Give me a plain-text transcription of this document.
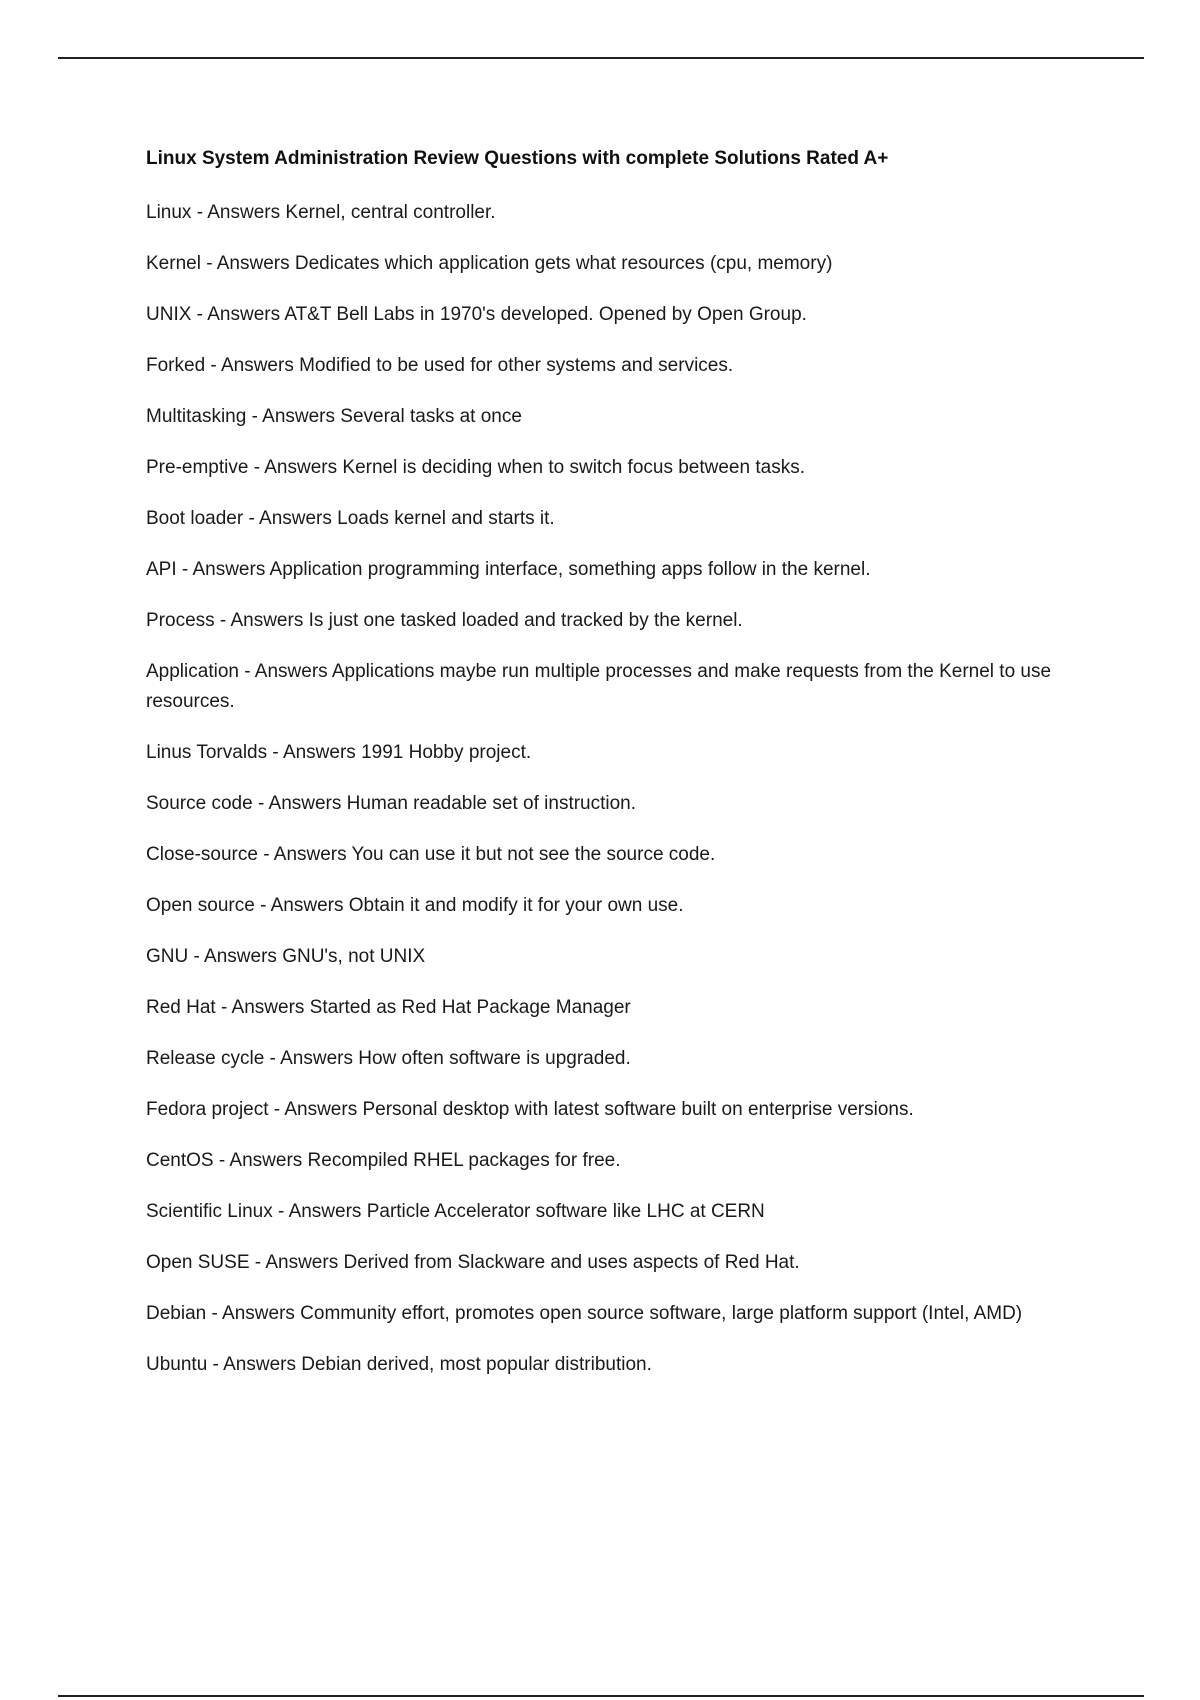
Linux System Administration Review Questions with complete Solutions Rated A+
Linux - Answers Kernel, central controller.
Kernel - Answers Dedicates which application gets what resources (cpu, memory)
UNIX - Answers AT&T Bell Labs in 1970's developed. Opened by Open Group.
Forked - Answers Modified to be used for other systems and services.
Multitasking - Answers Several tasks at once
Pre-emptive - Answers Kernel is deciding when to switch focus between tasks.
Boot loader - Answers Loads kernel and starts it.
API - Answers Application programming interface, something apps follow in the kernel.
Process - Answers Is just one tasked loaded and tracked by the kernel.
Application - Answers Applications maybe run multiple processes and make requests from the Kernel to use resources.
Linus Torvalds - Answers 1991 Hobby project.
Source code - Answers Human readable set of instruction.
Close-source - Answers You can use it but not see the source code.
Open source - Answers Obtain it and modify it for your own use.
GNU - Answers GNU's, not UNIX
Red Hat - Answers Started as Red Hat Package Manager
Release cycle - Answers How often software is upgraded.
Fedora project - Answers Personal desktop with latest software built on enterprise versions.
CentOS - Answers Recompiled RHEL packages for free.
Scientific Linux - Answers Particle Accelerator software like LHC at CERN
Open SUSE - Answers Derived from Slackware and uses aspects of Red Hat.
Debian - Answers Community effort, promotes open source software, large platform support (Intel, AMD)
Ubuntu - Answers Debian derived, most popular distribution.
